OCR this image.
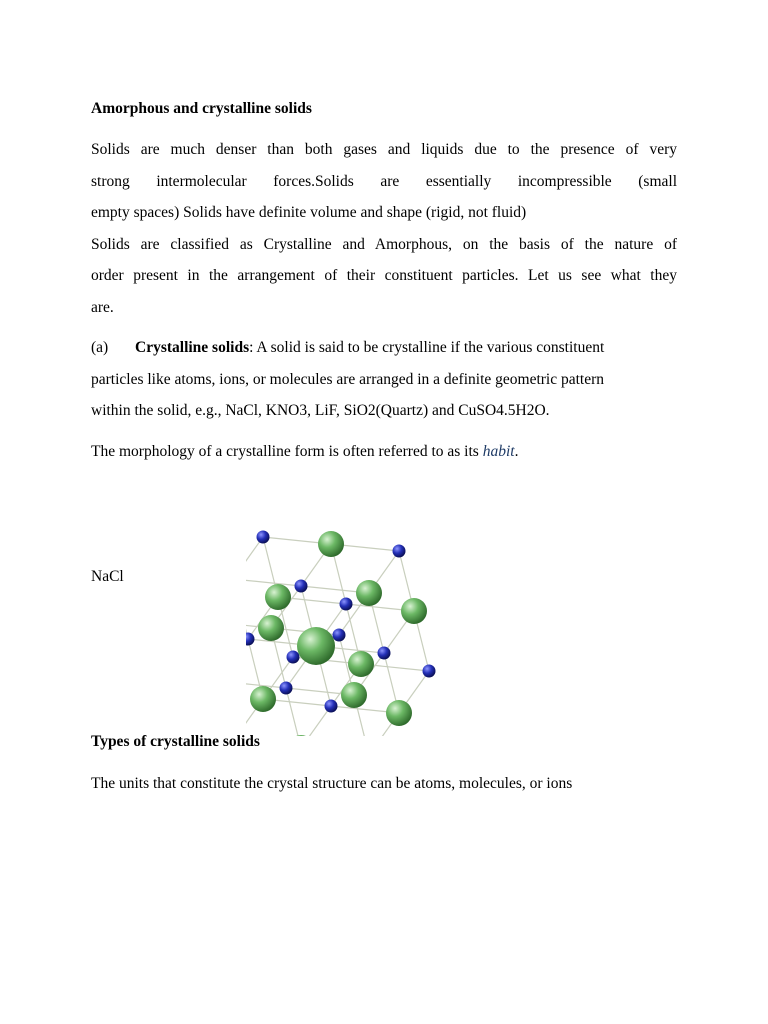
Amorphous and crystalline solids
Solids are much denser than both gases and liquids due to the presence of very
strong intermolecular forces.Solids are essentially incompressible (small
empty spaces) Solids have definite volume and shape (rigid, not fluid)
Solids are classified as Crystalline and Amorphous, on the basis of the nature of
order present in the arrangement of their constituent particles. Let us see what they
are.
(a) Crystalline solids: A solid is said to be crystalline if the various constituent
particles like atoms, ions, or molecules are arranged in a definite geometric pattern
within the solid, e.g., NaCl, KNO3, LiF, SiO2(Quartz) and CuSO4.5H2O.
The morphology of a crystalline form is often referred to as its habit.
NaCl
Types of crystalline solids
The units that constitute the crystal structure can be atoms, molecules, or ions
